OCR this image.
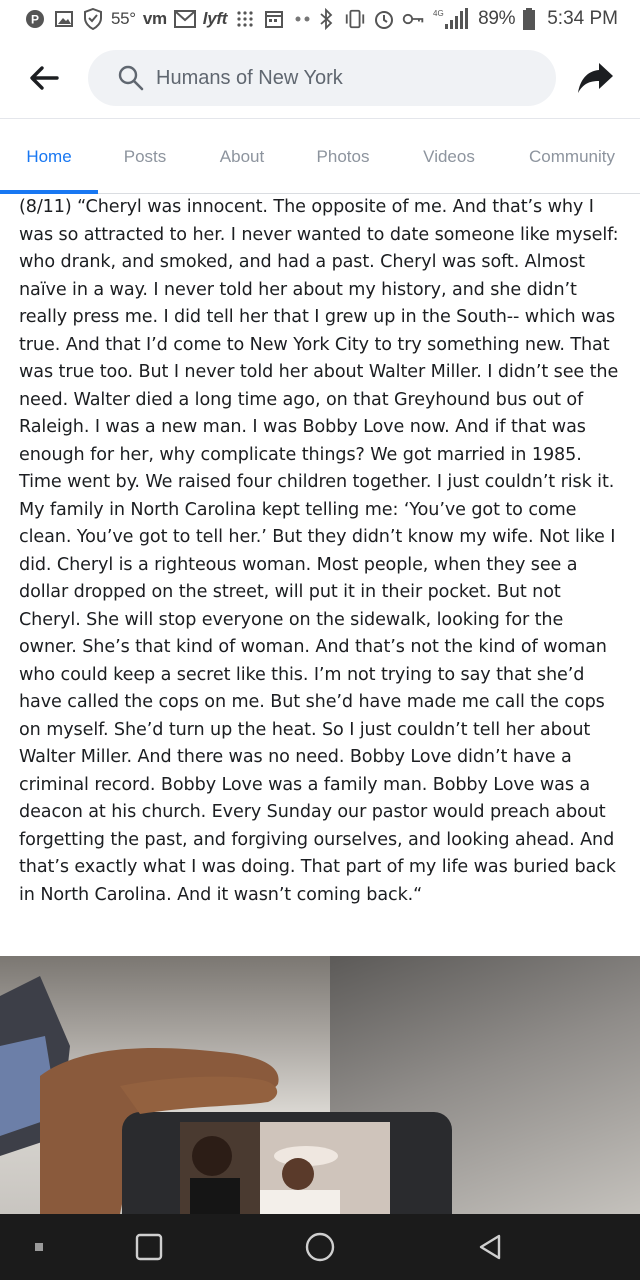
P	55° vm lyft	4G 89% 5:34 PM
Humans of New York
Home	Posts	About	Photos	Videos	Community
(8/11) “Cheryl was innocent. The opposite of me. And that’s why I was so attracted to her. I never wanted to date someone like myself: who drank, and smoked, and had a past. Cheryl was soft. Almost naïve in a way. I never told her about my history, and she didn’t really press me. I did tell her that I grew up in the South-- which was true. And that I’d come to New York City to try something new. That was true too. But I never told her about Walter Miller. I didn’t see the need. Walter died a long time ago, on that Greyhound bus out of Raleigh. I was a new man. I was Bobby Love now. And if that was enough for her, why complicate things? We got married in 1985. Time went by. We raised four children together. I just couldn’t risk it. My family in North Carolina kept telling me: ‘You’ve got to come clean. You’ve got to tell her.’ But they didn’t know my wife. Not like I did. Cheryl is a righteous woman. Most people, when they see a dollar dropped on the street, will put it in their pocket. But not Cheryl. She will stop everyone on the sidewalk, looking for the owner. She’s that kind of woman. And that’s not the kind of woman who could keep a secret like this. I’m not trying to say that she’d have called the cops on me. But she’d have made me call the cops on myself. She’d turn up the heat. So I just couldn’t tell her about Walter Miller. And there was no need. Bobby Love didn’t have a criminal record. Bobby Love was a family man. Bobby Love was a deacon at his church. Every Sunday our pastor would preach about forgetting the past, and forgiving ourselves, and looking ahead. And that’s exactly what I was doing. That part of my life was buried back in North Carolina. And it wasn’t coming back.“
